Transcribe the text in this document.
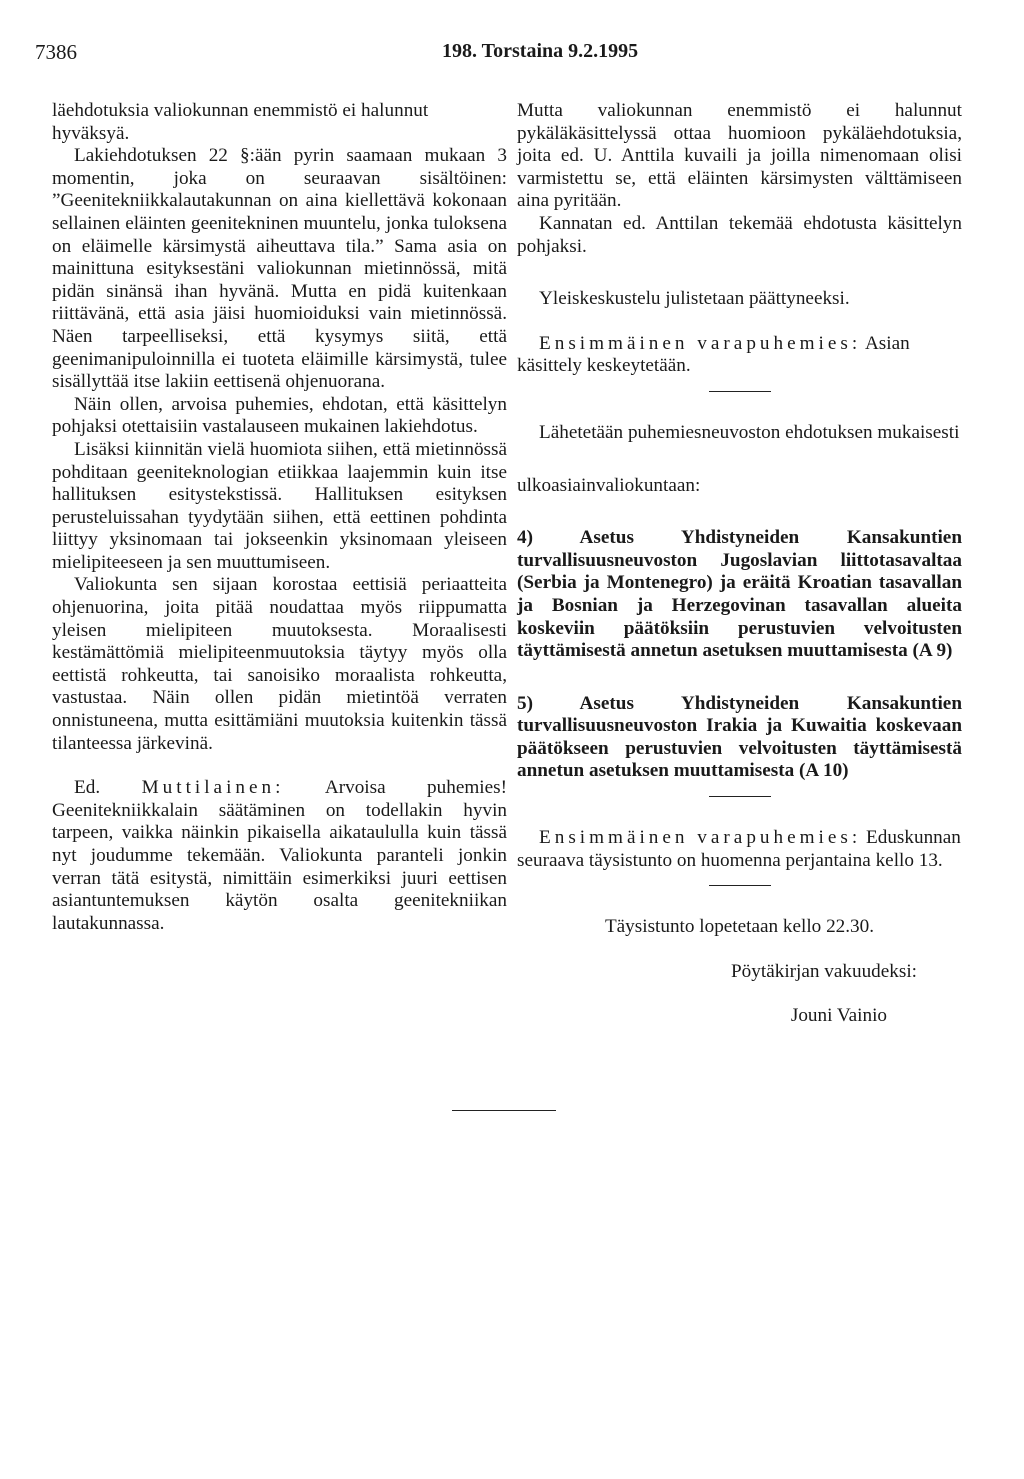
7386	198. Torstaina 9.2.1995

läehdotuksia valiokunnan enemmistö ei halunnut hyväksyä.

Lakiehdotuksen 22 §:ään pyrin saamaan mukaan 3 momentin, joka on seuraavan sisältöinen: ”Geenitekniikkalautakunnan on aina kiellettävä kokonaan sellainen eläinten geenitekninen muuntelu, jonka tuloksena on eläimelle kärsimystä aiheuttava tila.” Sama asia on mainittuna esityksestäni valiokunnan mietinnössä, mitä pidän sinänsä ihan hyvänä. Mutta en pidä kuitenkaan riittävänä, että asia jäisi huomioiduksi vain mietinnössä. Näen tarpeelliseksi, että kysymys siitä, että geenimanipuloinnilla ei tuoteta eläimille kärsimystä, tulee sisällyttää itse lakiin eettisenä ohjenuorana.

Näin ollen, arvoisa puhemies, ehdotan, että käsittelyn pohjaksi otettaisiin vastalauseen mukainen lakiehdotus.

Lisäksi kiinnitän vielä huomiota siihen, että mietinnössä pohditaan geeniteknologian etiikkaa laajemmin kuin itse hallituksen esitystekstissä. Hallituksen esityksen perusteluissahan tyydytään siihen, että eettinen pohdinta liittyy yksinomaan tai jokseenkin yksinomaan yleiseen mielipiteeseen ja sen muuttumiseen.

Valiokunta sen sijaan korostaa eettisiä periaatteita ohjenuorina, joita pitää noudattaa myös riippumatta yleisen mielipiteen muutoksesta. Moraalisesti kestämättömiä mielipiteenmuutoksia täytyy myös olla eettistä rohkeutta, tai sanoisiko moraalista rohkeutta, vastustaa. Näin ollen pidän mietintöä verraten onnistuneena, mutta esittämiäni muutoksia kuitenkin tässä tilanteessa järkevinä.

Ed. Muttilainen: Arvoisa puhemies! Geenitekniikkalain säätäminen on todellakin hyvin tarpeen, vaikka näinkin pikaisella aikataululla kuin tässä nyt joudumme tekemään. Valiokunta paranteli jonkin verran tätä esitystä, nimittäin esimerkiksi juuri eettisen asiantuntemuksen käytön osalta geenitekniikan lautakunnassa.

Mutta valiokunnan enemmistö ei halunnut pykäläkäsittelyssä ottaa huomioon pykäläehdotuksia, joita ed. U. Anttila kuvaili ja joilla nimenomaan olisi varmistettu se, että eläinten kärsimysten välttämiseen aina pyritään.

Kannatan ed. Anttilan tekemää ehdotusta käsittelyn pohjaksi.

Yleiskeskustelu julistetaan päättyneeksi.

Ensimmäinen varapuhemies: Asian käsittely keskeytetään.

Lähetetään puhemiesneuvoston ehdotuksen mukaisesti

ulkoasiainvaliokuntaan:

4) Asetus Yhdistyneiden Kansakuntien turvallisuusneuvoston Jugoslavian liittotasavaltaa (Serbia ja Montenegro) ja eräitä Kroatian tasavallan ja Bosnian ja Herzegovinan tasavallan alueita koskeviin päätöksiin perustuvien velvoitusten täyttämisestä annetun asetuksen muuttamisesta (A 9)

5) Asetus Yhdistyneiden Kansakuntien turvallisuusneuvoston Irakia ja Kuwaitia koskevaan päätökseen perustuvien velvoitusten täyttämisestä annetun asetuksen muuttamisesta (A 10)

Ensimmäinen varapuhemies: Eduskunnan seuraava täysistunto on huomenna perjantaina kello 13.

Täysistunto lopetetaan kello 22.30.

Pöytäkirjan vakuudeksi:

Jouni Vainio
